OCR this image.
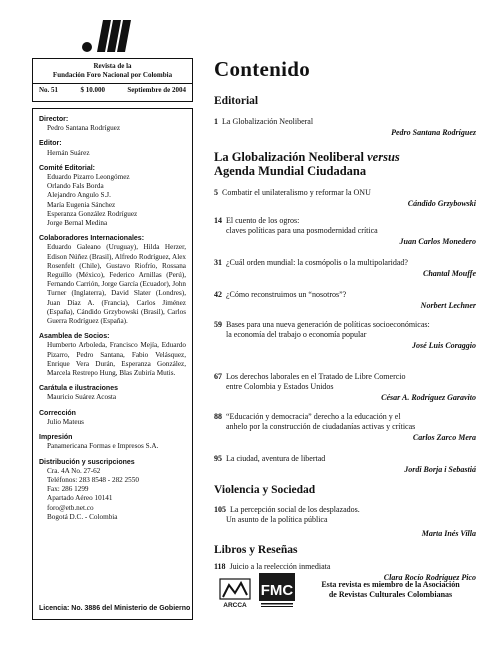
Revista de la
Fundación Foro Nacional por Colombia
No. 51	$ 10.000	Septiembre de 2004
Director:
Pedro Santana Rodríguez
Editor:
Hernán Suárez
Comité Editorial:
Eduardo Pizarro Leongómez
Orlando Fals Borda
Alejandro Angulo S.J.
María Eugenia Sánchez
Esperanza González Rodríguez
Jorge Bernal Medina
Colaboradores Internacionales:
Eduardo Galeano (Uruguay), Hilda Herzer, Edison Núñez (Brasil), Alfredo Rodríguez, Alex Rosenfelt (Chile), Gustavo Riofrío, Rossana Reguillo (México), Federico Arnillas (Perú), Fernando Carrión, Jorge García (Ecuador), John Turner (Inglaterra), David Slater (Londres), Juan Díaz A. (Francia), Carlos Jiménez (España), Cándido Grzybowski (Brasil), Carlos Guerra Rodríguez (España).
Asamblea de Socios:
Humberto Arboleda, Francisco Mejía, Eduardo Pizarro, Pedro Santana, Fabio Velásquez, Enrique Vera Durán, Esperanza González, Marcela Restrepo Hung, Blas Zubiría Mutis.
Carátula e ilustraciones
Mauricio Suárez Acosta
Corrección
Julio Mateus
Impresión
Panamericana Formas e Impresos S.A.
Distribución y suscripciones
Cra. 4A No. 27-62
Teléfonos: 283 8548 - 282 2550
Fax: 286 1299
Apartado Aéreo 10141
foro@etb.net.co
Bogotá D.C. - Colombia
Licencia: No. 3886 del Ministerio de Gobierno
Contenido
Editorial
1 La Globalización Neoliberal
Pedro Santana Rodríguez
La Globalización Neoliberal versus
Agenda Mundial Ciudadana
5 Combatir el unilateralismo y reformar la ONU
Cándido Grzybowski
14 El cuento de los ogros:
claves políticas para una posmodernidad crítica
Juan Carlos Monedero
31 ¿Cuál orden mundial: la cosmópolis o la multipolaridad?
Chantal Mouffe
42 ¿Cómo reconstruimos un “nosotros”?
Norbert Lechner
59 Bases para una nueva generación de políticas socioeconómicas:
la economía del trabajo o economía popular
José Luis Coraggio
67 Los derechos laborales en el Tratado de Libre Comercio
entre Colombia y Estados Unidos
César A. Rodríguez Garavito
88 “Educación y democracia” derecho a la educación y el
anhelo por la construcción de ciudadanías activas y críticas
Carlos Zarco Mera
95 La ciudad, aventura de libertad
Jordi Borja i Sebastiá
Violencia y Sociedad
105 La percepción social de los desplazados.
Un asunto de la política pública
Marta Inés Villa
Libros y Reseñas
118 Juicio a la reelección inmediata
Clara Rocío Rodríguez Pico
ARCCA
FMC	Esta revista es miembro de la Asociación
de Revistas Culturales Colombianas
